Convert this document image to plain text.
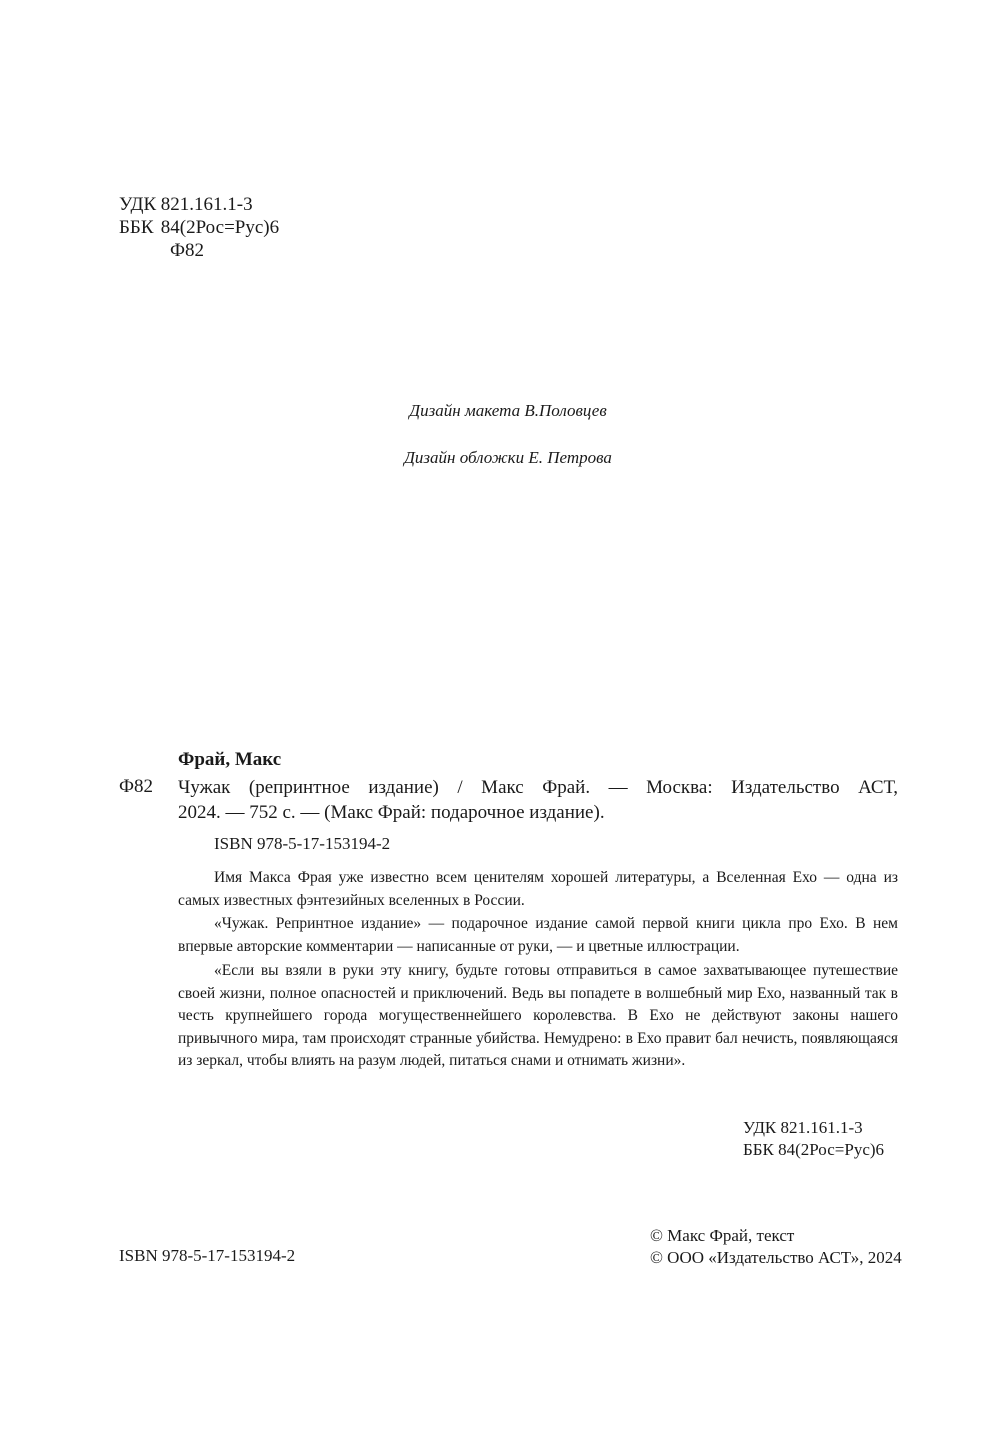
УДК 821.161.1-3
ББК 84(2Рос=Рус)6
Ф82
Дизайн макета В.Половцев
Дизайн обложки Е. Петрова
Фрай, Макс
Ф82 Чужак (репринтное издание) / Макс Фрай. — Москва: Издательство АСТ,
2024. — 752 с. — (Макс Фрай: подарочное издание).
ISBN 978-5-17-153194-2

Имя Макса Фрая уже известно всем ценителям хорошей литературы, а Вселенная Ехо — одна из самых известных фэнтезийных вселенных в России.

«Чужак. Репринтное издание» — подарочное издание самой первой книги цикла про Ехо. В нем впервые авторские комментарии — написанные от руки, — и цветные иллюстрации.

«Если вы взяли в руки эту книгу, будьте готовы отправиться в самое захватывающее путешествие своей жизни, полное опасностей и приключений. Ведь вы попадете в волшебный мир Ехо, названный так в честь крупнейшего города могущественнейшего королевства. В Ехо не действуют законы нашего привычного мира, там происходят странные убийства. Немудрено: в Ехо правит бал нечисть, появляющаяся из зеркал, чтобы влиять на разум людей, питаться снами и отнимать жизни».

УДК 821.161.1-3
ББК 84(2Рос=Рус)6
ISBN 978-5-17-153194-2
© Макс Фрай, текст
© ООО «Издательство АСТ», 2024
